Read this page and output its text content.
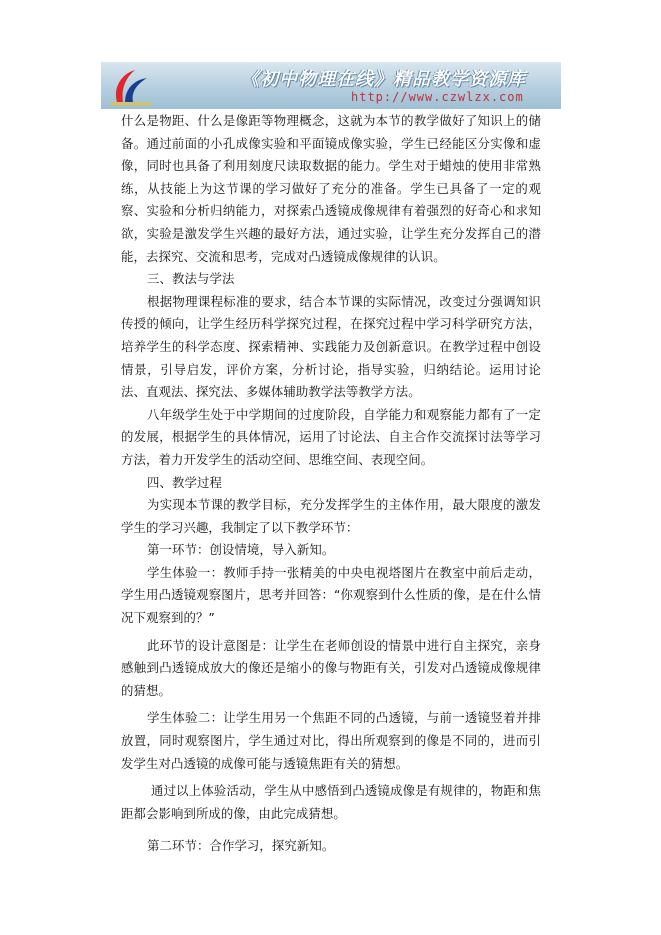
《初中物理在线》精品教学资源库
http://www.czwlzx.com

什么是物距、什么是像距等物理概念，这就为本节的教学做好了知识上的储备。通过前面的小孔成像实验和平面镜成像实验，学生已经能区分实像和虚像，同时也具备了利用刻度尺读取数据的能力。学生对于蜡烛的使用非常熟练，从技能上为这节课的学习做好了充分的准备。学生已具备了一定的观察、实验和分析归纳能力，对探索凸透镜成像规律有着强烈的好奇心和求知欲，实验是激发学生兴趣的最好方法，通过实验，让学生充分发挥自己的潜能，去探究、交流和思考，完成对凸透镜成像规律的认识。

三、教法与学法

根据物理课程标准的要求，结合本节课的实际情况，改变过分强调知识传授的倾向，让学生经历科学探究过程，在探究过程中学习科学研究方法，培养学生的科学态度、探索精神、实践能力及创新意识。在教学过程中创设情景，引导启发，评价方案，分析讨论，指导实验，归纳结论。运用讨论法、直观法、探究法、多媒体辅助教学法等教学方法。

八年级学生处于中学期间的过度阶段，自学能力和观察能力都有了一定的发展，根据学生的具体情况，运用了讨论法、自主合作交流探讨法等学习方法，着力开发学生的活动空间、思维空间、表现空间。

四、教学过程

为实现本节课的教学目标，充分发挥学生的主体作用，最大限度的激发学生的学习兴趣，我制定了以下教学环节：

第一环节：创设情境，导入新知。

学生体验一：教师手持一张精美的中央电视塔图片在教室中前后走动，学生用凸透镜观察图片，思考并回答：“你观察到什么性质的像，是在什么情况下观察到的？”

此环节的设计意图是：让学生在老师创设的情景中进行自主探究，亲身感触到凸透镜成放大的像还是缩小的像与物距有关，引发对凸透镜成像规律的猜想。

学生体验二：让学生用另一个焦距不同的凸透镜，与前一透镜竖着并排放置，同时观察图片，学生通过对比，得出所观察到的像是不同的，进而引发学生对凸透镜的成像可能与透镜焦距有关的猜想。

通过以上体验活动，学生从中感悟到凸透镜成像是有规律的，物距和焦距都会影响到所成的像，由此完成猜想。

第二环节：合作学习，探究新知。
